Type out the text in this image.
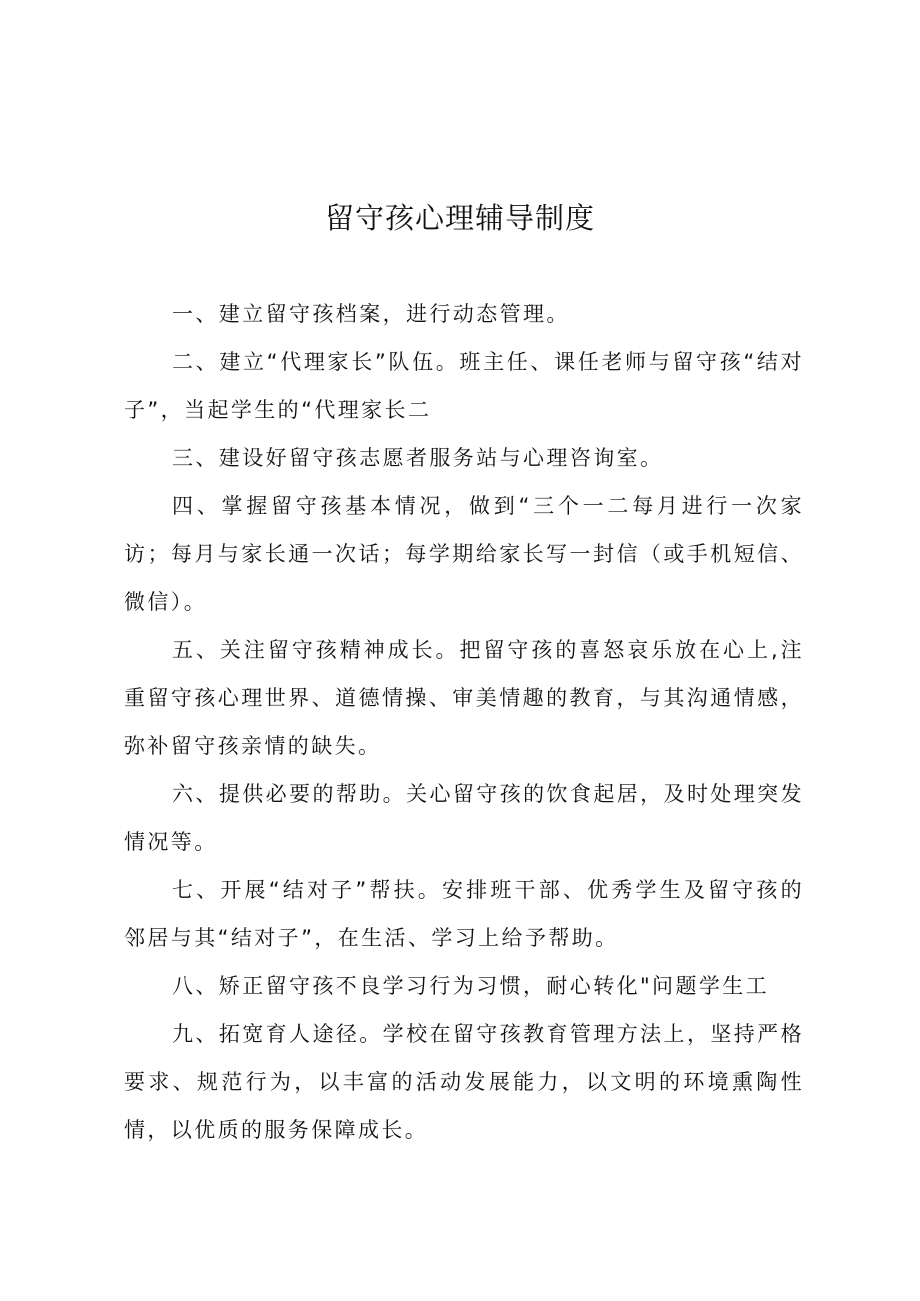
留守孩心理辅导制度

一、建立留守孩档案，进行动态管理。

二、建立“代理家长”队伍。班主任、课任老师与留守孩“结对子”，当起学生的“代理家长二

三、建设好留守孩志愿者服务站与心理咨询室。

四、掌握留守孩基本情况，做到“三个一二每月进行一次家访；每月与家长通一次话；每学期给家长写一封信（或手机短信、微信）。

五、关注留守孩精神成长。把留守孩的喜怒哀乐放在心上,注重留守孩心理世界、道德情操、审美情趣的教育，与其沟通情感，弥补留守孩亲情的缺失。

六、提供必要的帮助。关心留守孩的饮食起居，及时处理突发情况等。

七、开展“结对子”帮扶。安排班干部、优秀学生及留守孩的邻居与其“结对子”，在生活、学习上给予帮助。

八、矫正留守孩不良学习行为习惯，耐心转化"问题学生工

九、拓宽育人途径。学校在留守孩教育管理方法上，坚持严格要求、规范行为，以丰富的活动发展能力，以文明的环境熏陶性情，以优质的服务保障成长。
